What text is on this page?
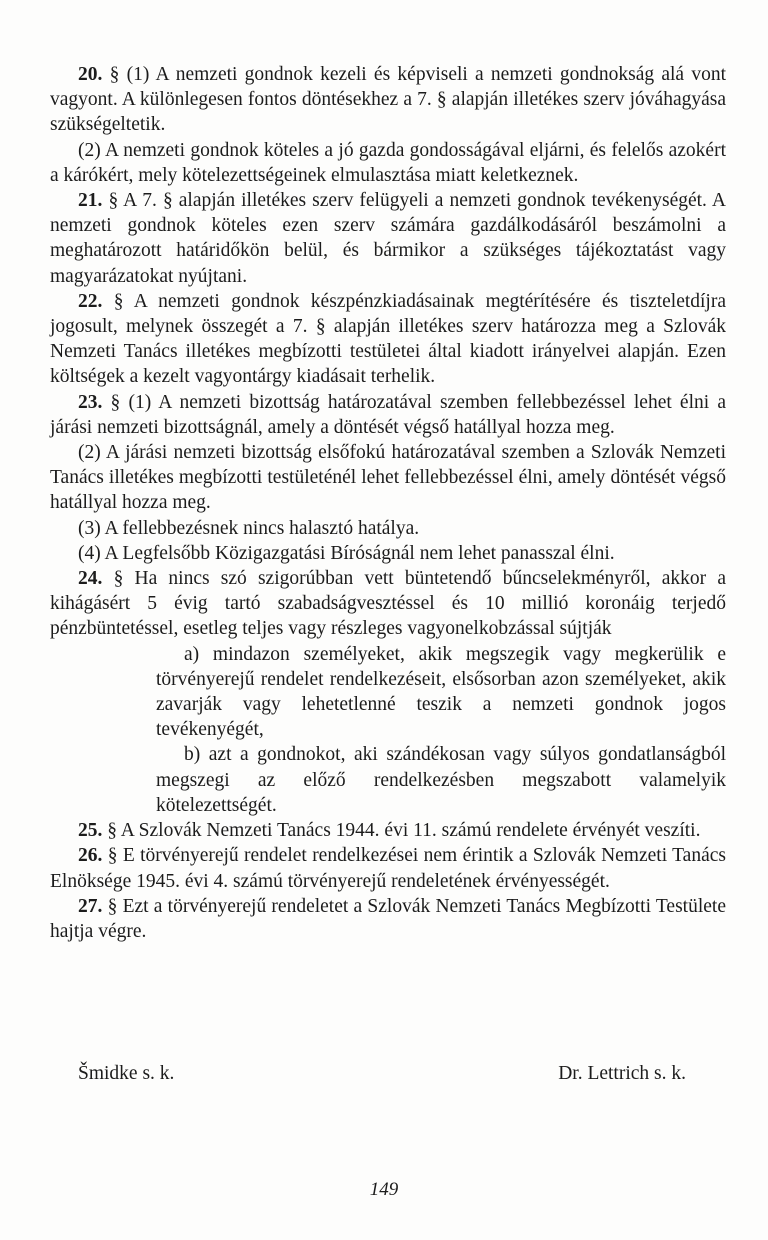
20. § (1) A nemzeti gondnok kezeli és képviseli a nemzeti gondnokság alá vont vagyont. A különlegesen fontos döntésekhez a 7. § alapján illetékes szerv jóváhagyása szükségeltetik.

(2) A nemzeti gondnok köteles a jó gazda gondosságával eljárni, és felelős azokért a kárókért, mely kötelezettségeinek elmulasztása miatt keletkeznek.

21. § A 7. § alapján illetékes szerv felügyeli a nemzeti gondnok tevékenységét. A nemzeti gondnok köteles ezen szerv számára gazdálkodásáról beszámolni a meghatározott határidőkön belül, és bármikor a szükséges tájékoztatást vagy magyarázatokat nyújtani.

22. § A nemzeti gondnok készpénzkiadásainak megtérítésére és tiszteletdíjra jogosult, melynek összegét a 7. § alapján illetékes szerv határozza meg a Szlovák Nemzeti Tanács illetékes megbízotti testületei által kiadott irányelvei alapján. Ezen költségek a kezelt vagyontárgy kiadásait terhelik.

23. § (1) A nemzeti bizottság határozatával szemben fellebbezéssel lehet élni a járási nemzeti bizottságnál, amely a döntését végső hatállyal hozza meg.

(2) A járási nemzeti bizottság elsőfokú határozatával szemben a Szlovák Nemzeti Tanács illetékes megbízotti testületénél lehet fellebbezéssel élni, amely döntését végső hatállyal hozza meg.

(3) A fellebbezésnek nincs halasztó hatálya.

(4) A Legfelsőbb Közigazgatási Bíróságnál nem lehet panasszal élni.

24. § Ha nincs szó szigorúbban vett büntetendő bűncselekményről, akkor a kihágásért 5 évig tartó szabadságvesztéssel és 10 millió koronáig terjedő pénzbüntetéssel, esetleg teljes vagy részleges vagyonelkobzással sújtják

a) mindazon személyeket, akik megszegik vagy megkerülik e törvényerejű rendelet rendelkezéseit, elsősorban azon személyeket, akik zavarják vagy lehetetlenné teszik a nemzeti gondnok jogos tevékenyégét,

b) azt a gondnokot, aki szándékosan vagy súlyos gondatlanságból megszegi az előző rendelkezésben megszabott valamelyik kötelezettségét.

25. § A Szlovák Nemzeti Tanács 1944. évi 11. számú rendelete érvényét veszíti.

26. § E törvényerejű rendelet rendelkezései nem érintik a Szlovák Nemzeti Tanács Elnöksége 1945. évi 4. számú törvényerejű rendeletének érvényességét.

27. § Ezt a törvényerejű rendeletet a Szlovák Nemzeti Tanács Megbízotti Testülete hajtja végre.

Šmidke s. k.	Dr. Lettrich s. k.
149
